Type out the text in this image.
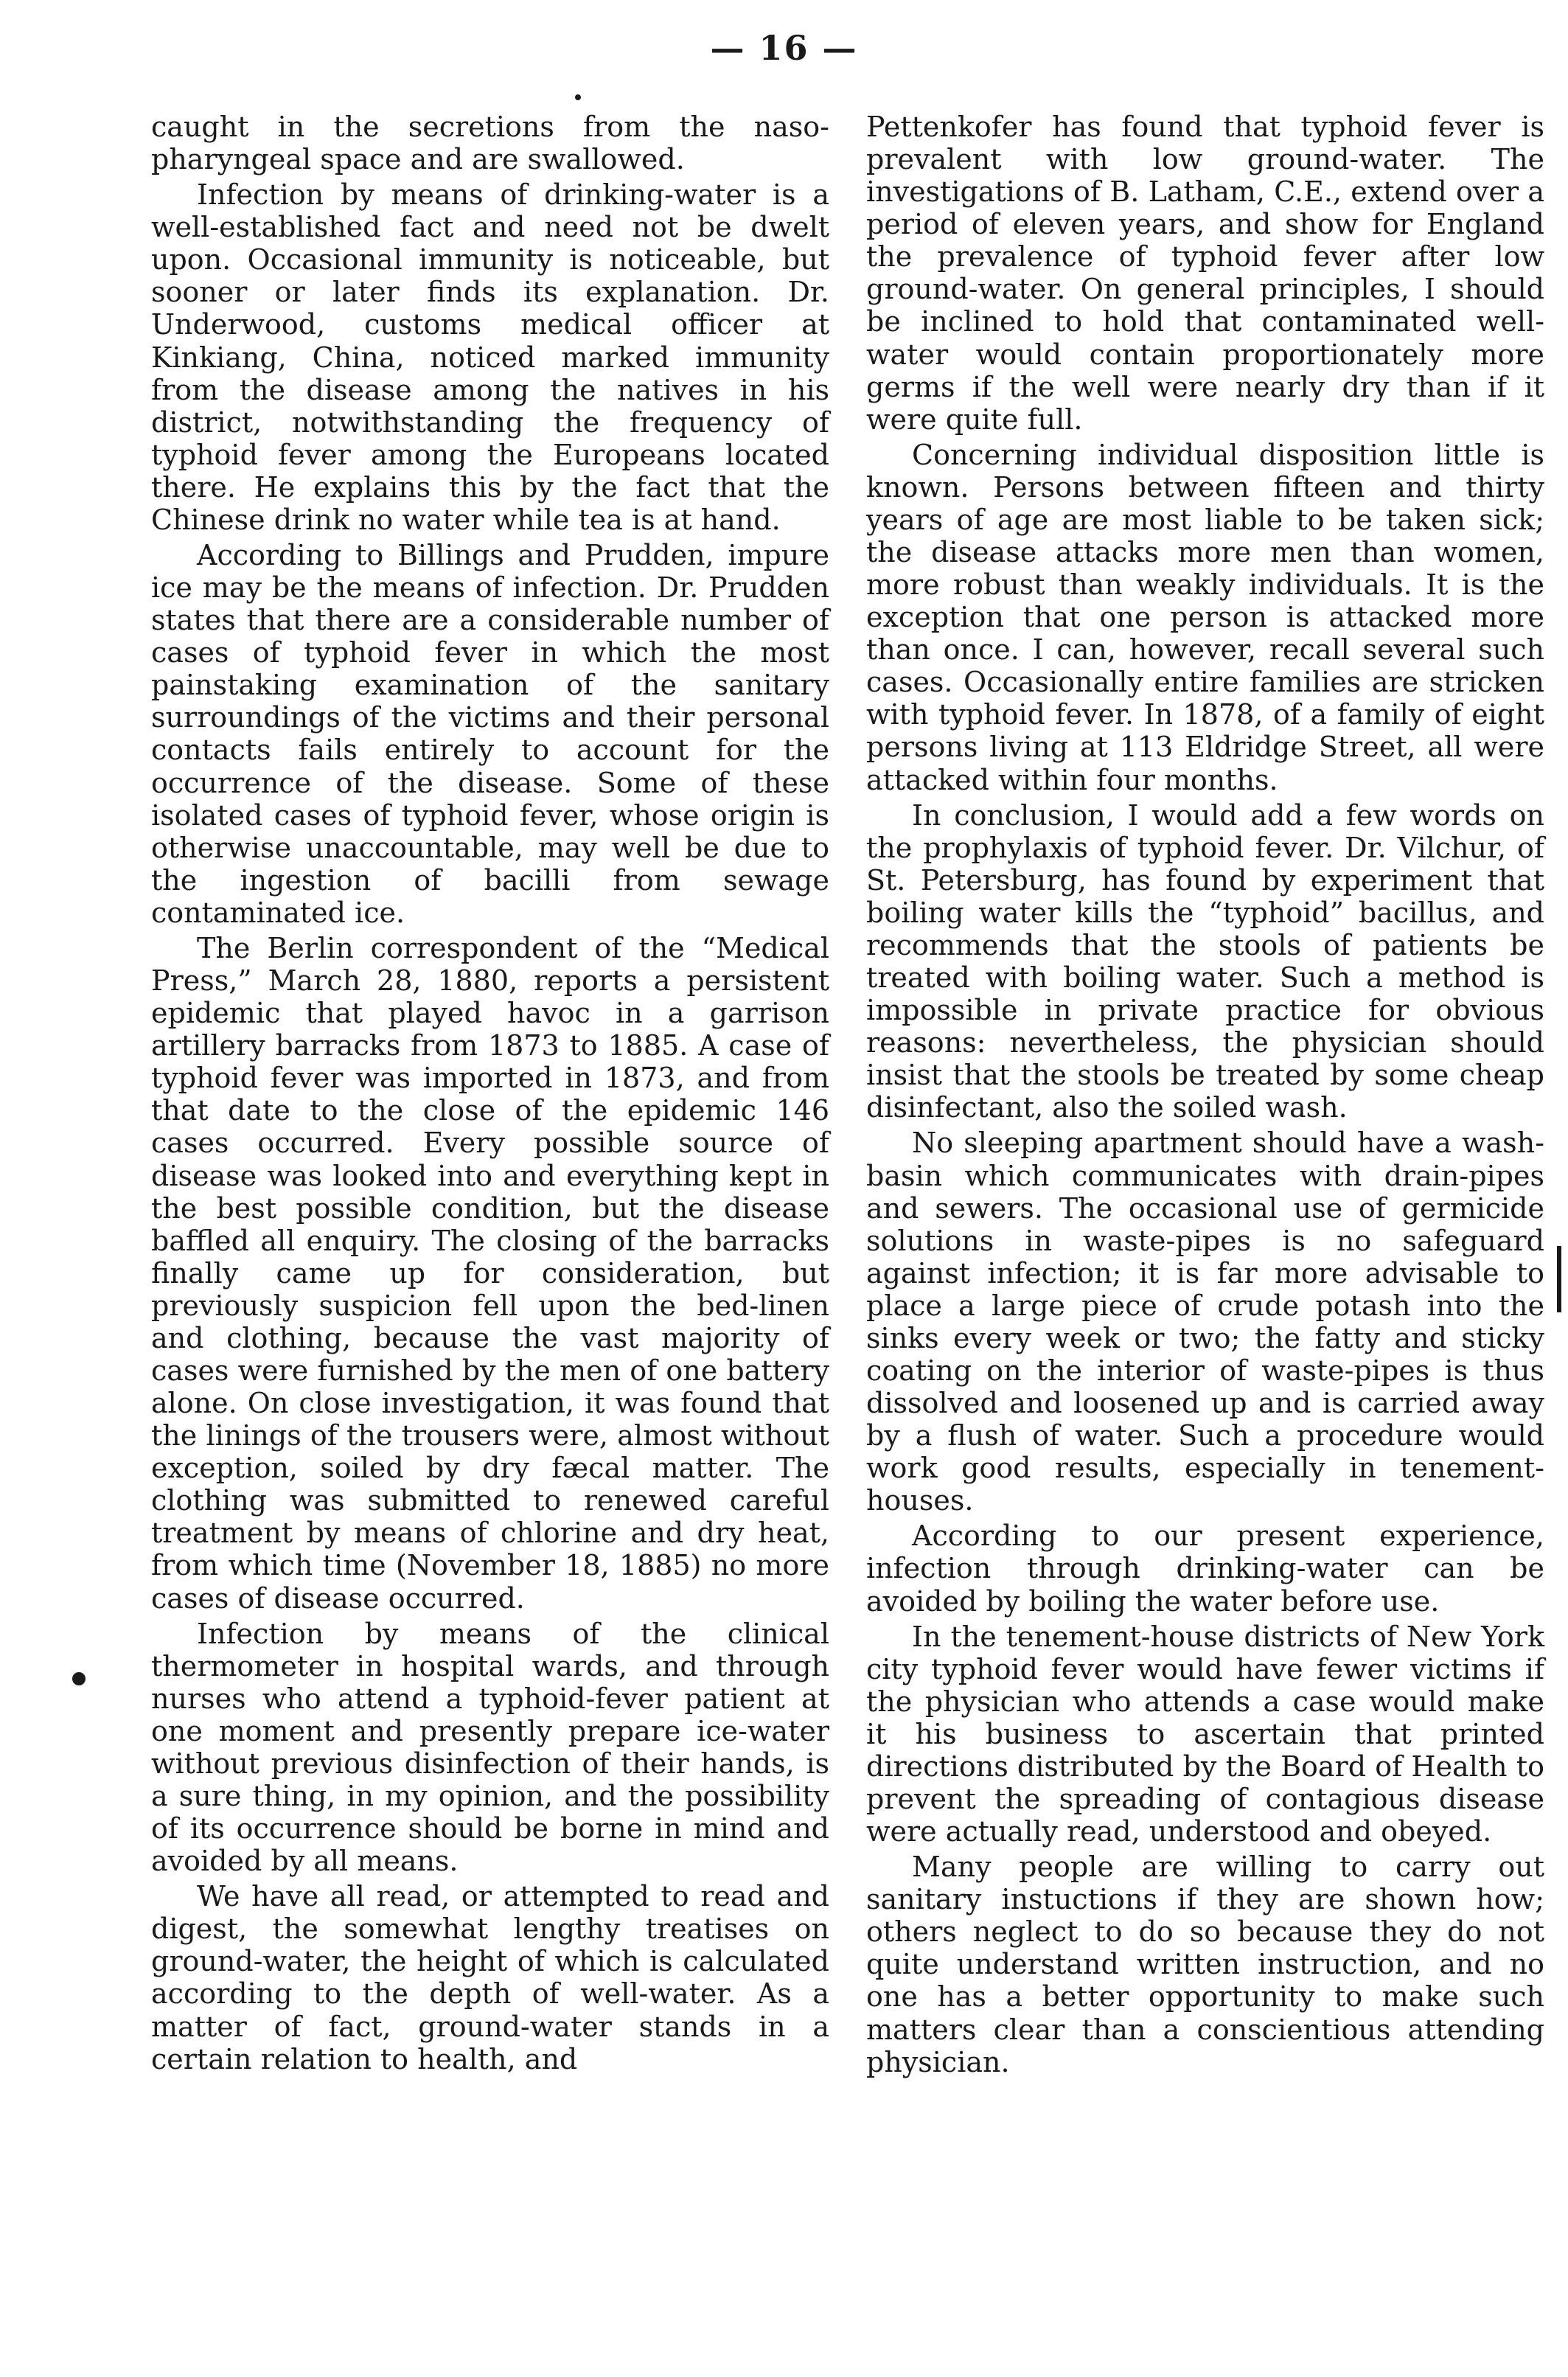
— 16 —

caught in the secretions from the naso-pharyngeal space and are swallowed.

Infection by means of drinking-water is a well-established fact and need not be dwelt upon. Occasional immunity is noticeable, but sooner or later finds its explanation. Dr. Underwood, customs medical officer at Kinkiang, China, noticed marked immunity from the disease among the natives in his district, notwithstanding the frequency of typhoid fever among the Europeans located there. He explains this by the fact that the Chinese drink no water while tea is at hand.

According to Billings and Prudden, impure ice may be the means of infection. Dr. Prudden states that there are a considerable number of cases of typhoid fever in which the most painstaking examination of the sanitary surroundings of the victims and their personal contacts fails entirely to account for the occurrence of the disease. Some of these isolated cases of typhoid fever, whose origin is otherwise unaccountable, may well be due to the ingestion of bacilli from sewage contaminated ice.

The Berlin correspondent of the “Medical Press,” March 28, 1880, reports a persistent epidemic that played havoc in a garrison artillery barracks from 1873 to 1885. A case of typhoid fever was imported in 1873, and from that date to the close of the epidemic 146 cases occurred. Every possible source of disease was looked into and everything kept in the best possible condition, but the disease baffled all enquiry. The closing of the barracks finally came up for consideration, but previously suspicion fell upon the bed-linen and clothing, because the vast majority of cases were furnished by the men of one battery alone. On close investigation, it was found that the linings of the trousers were, almost without exception, soiled by dry fæcal matter. The clothing was submitted to renewed careful treatment by means of chlorine and dry heat, from which time (November 18, 1885) no more cases of disease occurred.

Infection by means of the clinical thermometer in hospital wards, and through nurses who attend a typhoid-fever patient at one moment and presently prepare ice-water without previous disinfection of their hands, is a sure thing, in my opinion, and the possibility of its occurrence should be borne in mind and avoided by all means.

We have all read, or attempted to read and digest, the somewhat lengthy treatises on ground-water, the height of which is calculated according to the depth of well-water. As a matter of fact, ground-water stands in a certain relation to health, and

Pettenkofer has found that typhoid fever is prevalent with low ground-water. The investigations of B. Latham, C.E., extend over a period of eleven years, and show for England the prevalence of typhoid fever after low ground-water. On general principles, I should be inclined to hold that contaminated well-water would contain proportionately more germs if the well were nearly dry than if it were quite full.

Concerning individual disposition little is known. Persons between fifteen and thirty years of age are most liable to be taken sick; the disease attacks more men than women, more robust than weakly individuals. It is the exception that one person is attacked more than once. I can, however, recall several such cases. Occasionally entire families are stricken with typhoid fever. In 1878, of a family of eight persons living at 113 Eldridge Street, all were attacked within four months.

In conclusion, I would add a few words on the prophylaxis of typhoid fever. Dr. Vilchur, of St. Petersburg, has found by experiment that boiling water kills the “typhoid” bacillus, and recommends that the stools of patients be treated with boiling water. Such a method is impossible in private practice for obvious reasons: nevertheless, the physician should insist that the stools be treated by some cheap disinfectant, also the soiled wash.

No sleeping apartment should have a wash-basin which communicates with drain-pipes and sewers. The occasional use of germicide solutions in waste-pipes is no safeguard against infection; it is far more advisable to place a large piece of crude potash into the sinks every week or two; the fatty and sticky coating on the interior of waste-pipes is thus dissolved and loosened up and is carried away by a flush of water. Such a procedure would work good results, especially in tenement-houses.

According to our present experience, infection through drinking-water can be avoided by boiling the water before use.

In the tenement-house districts of New York city typhoid fever would have fewer victims if the physician who attends a case would make it his business to ascertain that printed directions distributed by the Board of Health to prevent the spreading of contagious disease were actually read, understood and obeyed.

Many people are willing to carry out sanitary instuctions if they are shown how; others neglect to do so because they do not quite understand written instruction, and no one has a better opportunity to make such matters clear than a conscientious attending physician.
